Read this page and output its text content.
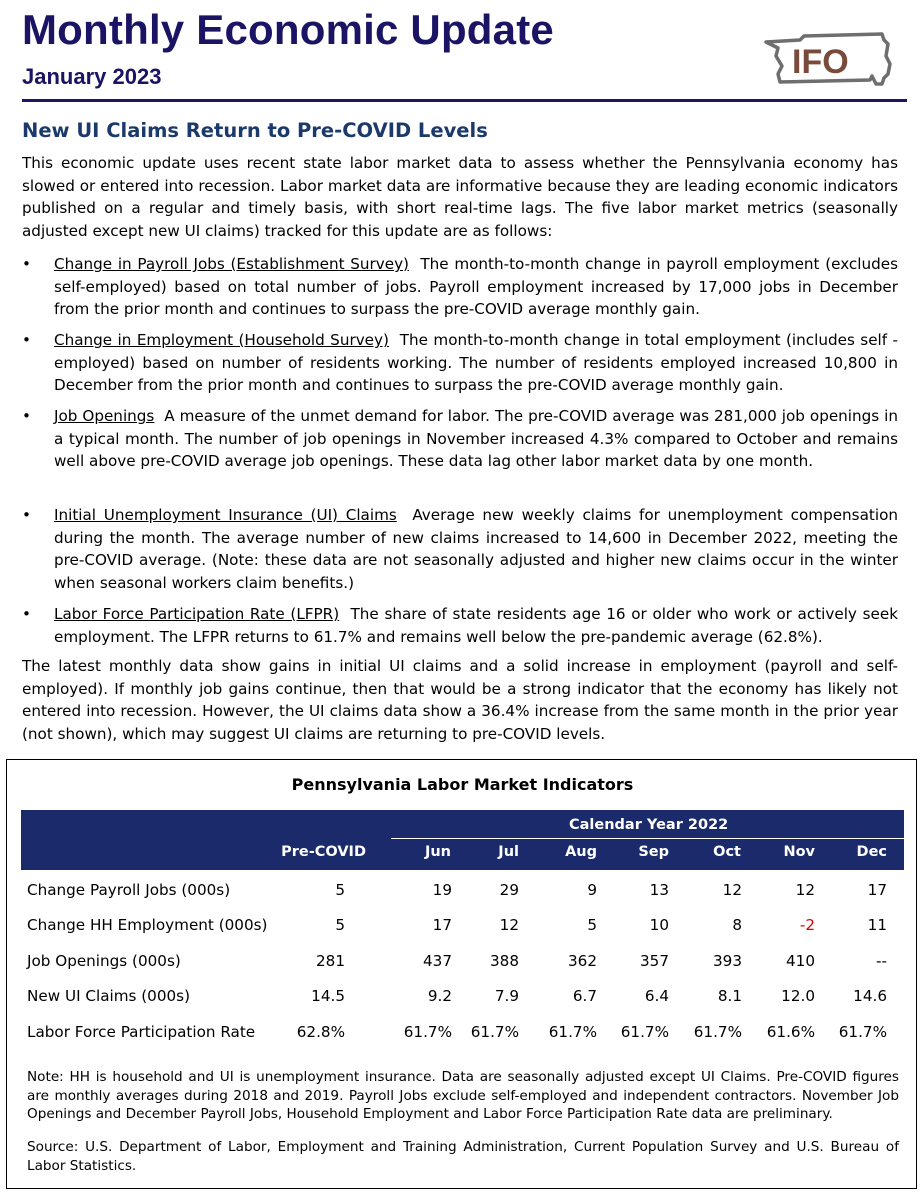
Monthly Economic Update
January 2023	IFO
New UI Claims Return to Pre-COVID Levels
This economic update uses recent state labor market data to assess whether the Pennsylvania economy has slowed or entered into recession. Labor market data are informative because they are leading economic indicators published on a regular and timely basis, with short real-time lags. The five labor market metrics (seasonally adjusted except new UI claims) tracked for this update are as follows:
• Change in Payroll Jobs (Establishment Survey) The month-to-month change in payroll employment (excludes self-employed) based on total number of jobs. Payroll employment increased by 17,000 jobs in December from the prior month and continues to surpass the pre-COVID average monthly gain.
• Change in Employment (Household Survey) The month-to-month change in total employment (includes self -employed) based on number of residents working. The number of residents employed increased 10,800 in December from the prior month and continues to surpass the pre-COVID average monthly gain.
• Job Openings A measure of the unmet demand for labor. The pre-COVID average was 281,000 job openings in a typical month. The number of job openings in November increased 4.3% compared to October and remains well above pre-COVID average job openings. These data lag other labor market data by one month.
• Initial Unemployment Insurance (UI) Claims Average new weekly claims for unemployment compensation during the month. The average number of new claims increased to 14,600 in December 2022, meeting the pre-COVID average. (Note: these data are not seasonally adjusted and higher new claims occur in the winter when seasonal workers claim benefits.)
• Labor Force Participation Rate (LFPR) The share of state residents age 16 or older who work or actively seek employment. The LFPR returns to 61.7% and remains well below the pre-pandemic average (62.8%).
The latest monthly data show gains in initial UI claims and a solid increase in employment (payroll and self-employed). If monthly job gains continue, then that would be a strong indicator that the economy has likely not entered into recession. However, the UI claims data show a 36.4% increase from the same month in the prior year (not shown), which may suggest UI claims are returning to pre-COVID levels.
Pennsylvania Labor Market Indicators
Calendar Year 2022
Pre-COVID	Jun	Jul	Aug	Sep	Oct	Nov	Dec
Change Payroll Jobs (000s)	5	19	29	9	13	12	12	17
Change HH Employment (000s)	5	17	12	5	10	8	-2	11
Job Openings (000s)	281	437	388	362	357	393	410	--
New UI Claims (000s)	14.5	9.2	7.9	6.7	6.4	8.1	12.0	14.6
Labor Force Participation Rate	62.8%	61.7%	61.7%	61.7%	61.7%	61.7%	61.6%	61.7%
Note: HH is household and UI is unemployment insurance. Data are seasonally adjusted except UI Claims. Pre-COVID figures are monthly averages during 2018 and 2019. Payroll Jobs exclude self-employed and independent contractors. November Job Openings and December Payroll Jobs, Household Employment and Labor Force Participation Rate data are preliminary.
Source: U.S. Department of Labor, Employment and Training Administration, Current Population Survey and U.S. Bureau of Labor Statistics.
